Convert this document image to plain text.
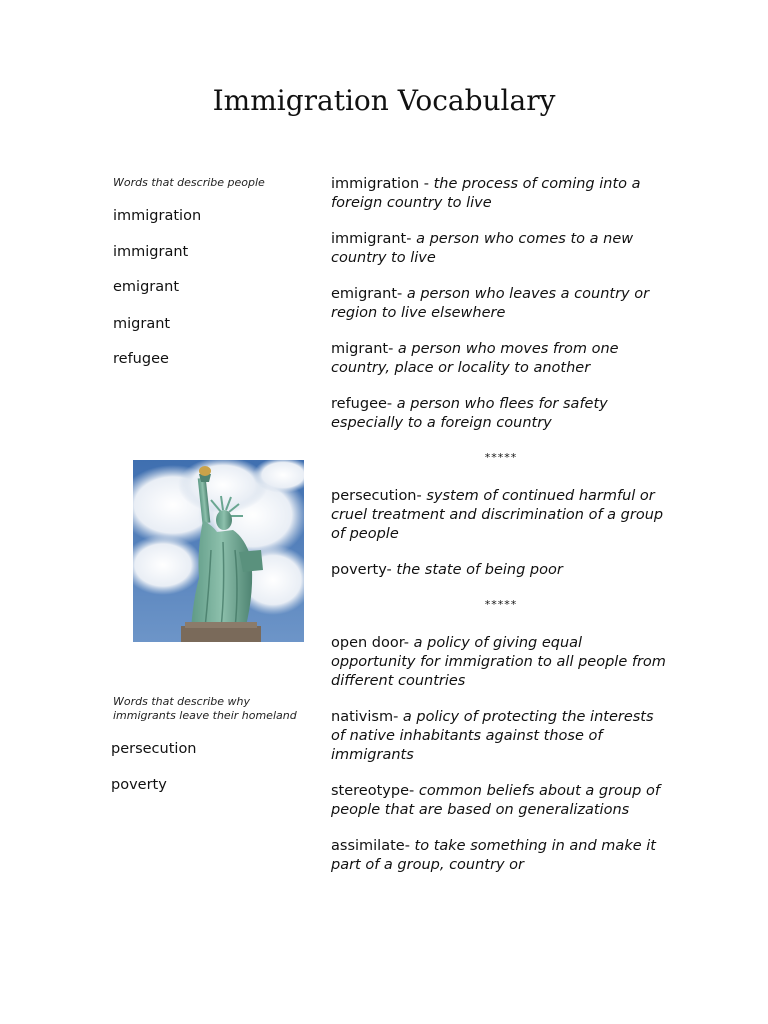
Immigration Vocabulary
Words that describe people
immigration
immigrant
emigrant
migrant
refugee
Words that describe why
immigrants leave their homeland
persecution
poverty
immigration - the process of coming into a foreign country to live
immigrant- a person who comes to a new country to live
emigrant- a person who leaves a country or region to live elsewhere
migrant- a person who moves from one country, place or locality to another
refugee- a person who flees for safety especially to a foreign country
*****
persecution- system of continued harmful or cruel treatment and discrimination of a group of people
poverty- the state of being poor
*****
open door- a policy of giving equal opportunity for immigration to all people from different countries
nativism- a policy of protecting the interests of native inhabitants against those of immigrants
stereotype- common beliefs about a group of people that are based on generalizations
assimilate- to take something in and make it part of a group, country or
